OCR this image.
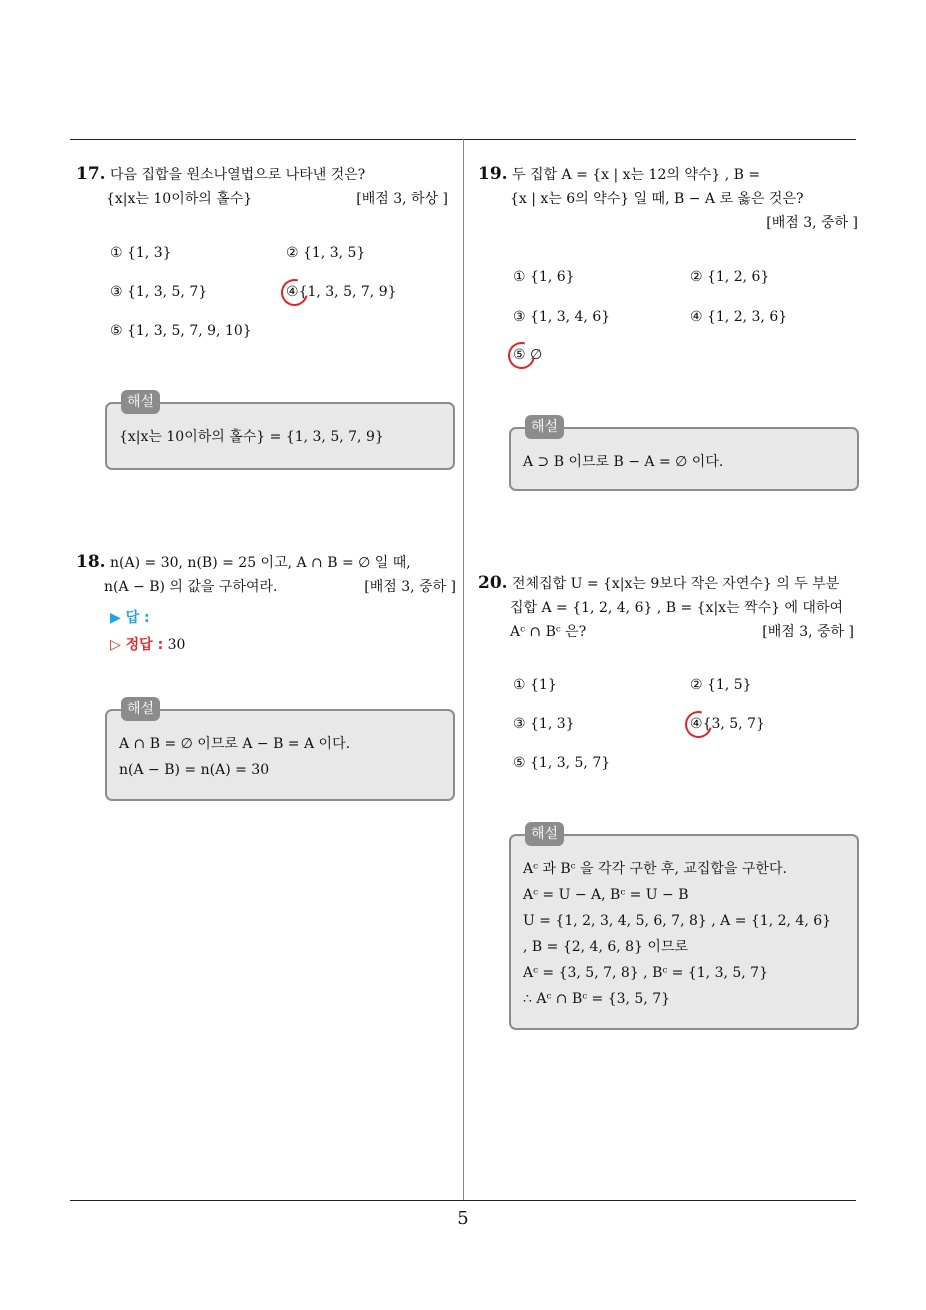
5
17. 다음 집합을 원소나열법으로 나타낸 것은?
{x|x는 10이하의 홀수}	[배점 3, 하상 ]
① {1, 3}	② {1, 3, 5}
③ {1, 3, 5, 7}	④{1, 3, 5, 7, 9}
⑤ {1, 3, 5, 7, 9, 10}
해설
{x|x는 10이하의 홀수} = {1, 3, 5, 7, 9}
18. n(A) = 30, n(B) = 25 이고, A ∩ B = ∅ 일 때,
n(A − B) 의 값을 구하여라.	[배점 3, 중하 ]
▶ 답 :
▷ 정답 : 30
해설
A ∩ B = ∅ 이므로 A − B = A 이다.
n(A − B) = n(A) = 30
19. 두 집합 A = {x | x는 12의 약수} , B =
{x | x는 6의 약수} 일 때, B − A 로 옳은 것은?
[배점 3, 중하 ]
① {1, 6}	② {1, 2, 6}
③ {1, 3, 4, 6}	④ {1, 2, 3, 6}
⑤ ∅
해설
A ⊃ B 이므로 B − A = ∅ 이다.
20. 전체집합 U = {x|x는 9보다 작은 자연수} 의 두 부분
집합 A = {1, 2, 4, 6} , B = {x|x는 짝수} 에 대하여
Aᶜ ∩ Bᶜ 은?	[배점 3, 중하 ]
① {1}	② {1, 5}
③ {1, 3}	④{3, 5, 7}
⑤ {1, 3, 5, 7}
해설
Aᶜ 과 Bᶜ 을 각각 구한 후, 교집합을 구한다.
Aᶜ = U − A, Bᶜ = U − B
U = {1, 2, 3, 4, 5, 6, 7, 8} , A = {1, 2, 4, 6}
, B = {2, 4, 6, 8} 이므로
Aᶜ = {3, 5, 7, 8} , Bᶜ = {1, 3, 5, 7}
∴ Aᶜ ∩ Bᶜ = {3, 5, 7}
